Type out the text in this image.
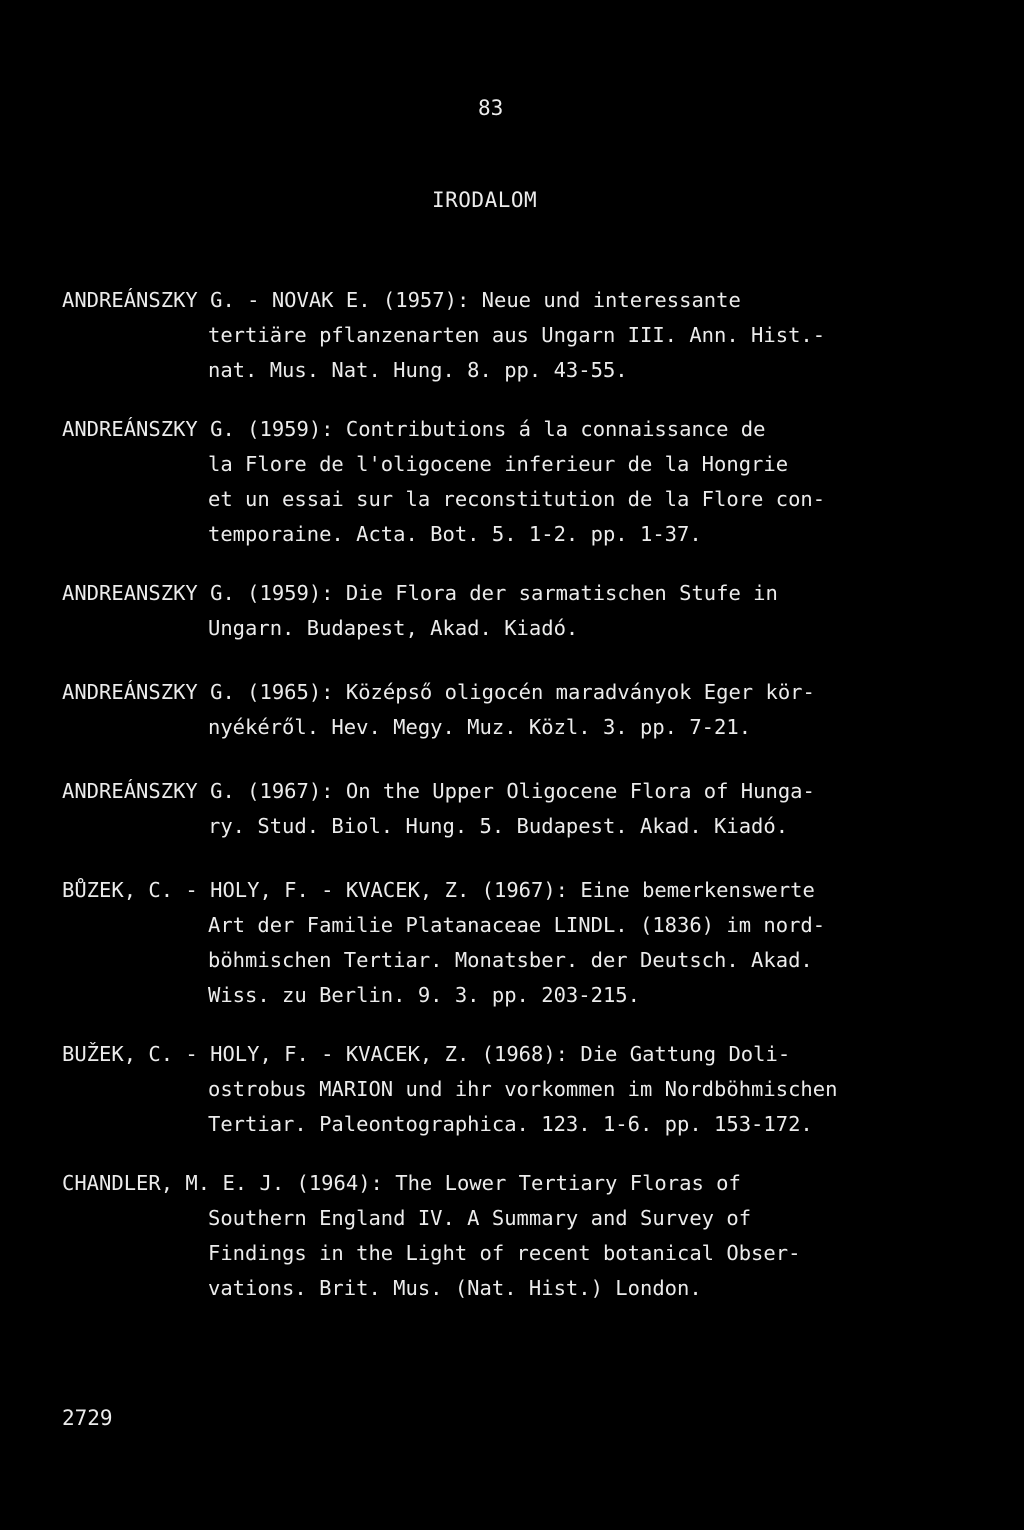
83
IRODALOM
ANDREÁNSZKY G. - NOVAK E. (1957): Neue und interessante
tertiäre pflanzenarten aus Ungarn III. Ann. Hist.-
nat. Mus. Nat. Hung. 8. pp. 43-55.
ANDREÁNSZKY G. (1959): Contributions á la connaissance de
la Flore de l'oligocene inferieur de la Hongrie
et un essai sur la reconstitution de la Flore con-
temporaine. Acta. Bot. 5. 1-2. pp. 1-37.
ANDREANSZKY G. (1959): Die Flora der sarmatischen Stufe in
Ungarn. Budapest, Akad. Kiadó.
ANDREÁNSZKY G. (1965): Középső oligocén maradványok Eger kör-
nyékéről. Hev. Megy. Muz. Közl. 3. pp. 7-21.
ANDREÁNSZKY G. (1967): On the Upper Oligocene Flora of Hunga-
ry. Stud. Biol. Hung. 5. Budapest. Akad. Kiadó.
BŮZEK, C. - HOLY, F. - KVACEK, Z. (1967): Eine bemerkenswerte
Art der Familie Platanaceae LINDL. (1836) im nord-
böhmischen Tertiar. Monatsber. der Deutsch. Akad.
Wiss. zu Berlin. 9. 3. pp. 203-215.
BUŽEK, C. - HOLY, F. - KVACEK, Z. (1968): Die Gattung Doli-
ostrobus MARION und ihr vorkommen im Nordböhmischen
Tertiar. Paleontographica. 123. 1-6. pp. 153-172.
CHANDLER, M. E. J. (1964): The Lower Tertiary Floras of
Southern England IV. A Summary and Survey of
Findings in the Light of recent botanical Obser-
vations. Brit. Mus. (Nat. Hist.) London.
2729
